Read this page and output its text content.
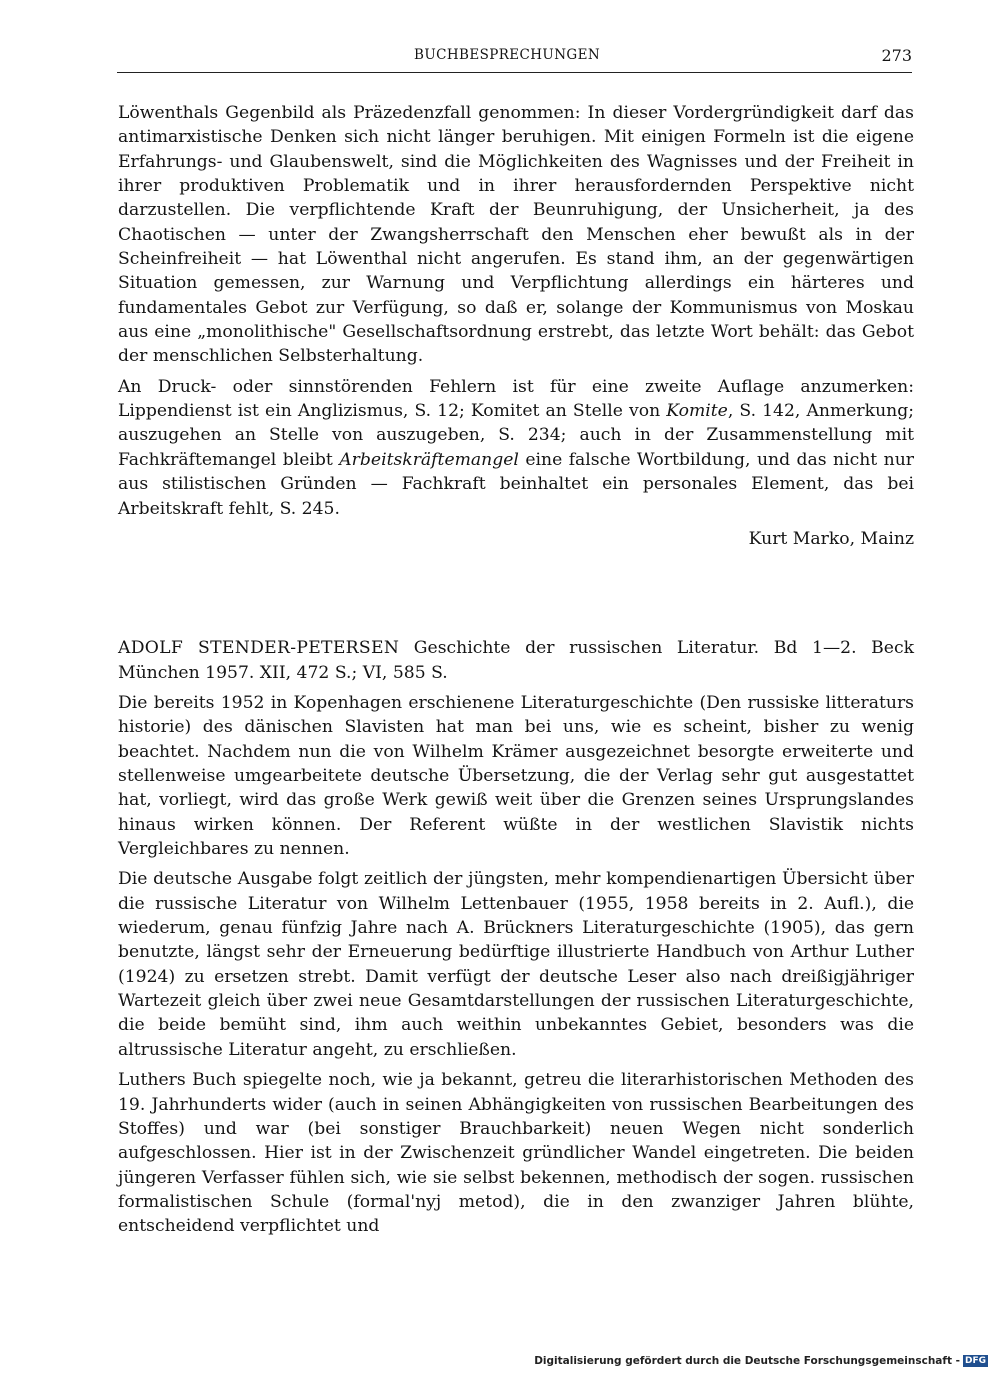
BUCHBESPRECHUNGEN	273

Löwenthals Gegenbild als Präzedenzfall genommen: In dieser Vordergründigkeit darf das antimarxistische Denken sich nicht länger beruhigen. Mit einigen Formeln ist die eigene Erfahrungs- und Glaubenswelt, sind die Möglichkeiten des Wagnisses und der Freiheit in ihrer produktiven Problematik und in ihrer herausfordernden Perspektive nicht darzustellen. Die verpflichtende Kraft der Beunruhigung, der Unsicherheit, ja des Chaotischen — unter der Zwangsherrschaft den Menschen eher bewußt als in der Scheinfreiheit — hat Löwenthal nicht angerufen. Es stand ihm, an der gegenwärtigen Situation gemessen, zur Warnung und Verpflichtung allerdings ein härteres und fundamentales Gebot zur Verfügung, so daß er, solange der Kommunismus von Moskau aus eine „monolithische" Gesellschaftsordnung erstrebt, das letzte Wort behält: das Gebot der menschlichen Selbsterhaltung.

An Druck- oder sinnstörenden Fehlern ist für eine zweite Auflage anzumerken: Lippendienst ist ein Anglizismus, S. 12; Komitet an Stelle von Komite, S. 142, Anmerkung; auszugehen an Stelle von auszugeben, S. 234; auch in der Zusammenstellung mit Fachkräftemangel bleibt Arbeitskräftemangel eine falsche Wortbildung, und das nicht nur aus stilistischen Gründen — Fachkraft beinhaltet ein personales Element, das bei Arbeitskraft fehlt, S. 245.

Kurt Marko, Mainz

ADOLF STENDER-PETERSEN Geschichte der russischen Literatur. Bd 1—2. Beck München 1957. XII, 472 S.; VI, 585 S.

Die bereits 1952 in Kopenhagen erschienene Literaturgeschichte (Den russiske litteraturs historie) des dänischen Slavisten hat man bei uns, wie es scheint, bisher zu wenig beachtet. Nachdem nun die von Wilhelm Krämer ausgezeichnet besorgte erweiterte und stellenweise umgearbeitete deutsche Übersetzung, die der Verlag sehr gut ausgestattet hat, vorliegt, wird das große Werk gewiß weit über die Grenzen seines Ursprungslandes hinaus wirken können. Der Referent wüßte in der westlichen Slavistik nichts Vergleichbares zu nennen.

Die deutsche Ausgabe folgt zeitlich der jüngsten, mehr kompendienartigen Übersicht über die russische Literatur von Wilhelm Lettenbauer (1955, 1958 bereits in 2. Aufl.), die wiederum, genau fünfzig Jahre nach A. Brückners Literaturgeschichte (1905), das gern benutzte, längst sehr der Erneuerung bedürftige illustrierte Handbuch von Arthur Luther (1924) zu ersetzen strebt. Damit verfügt der deutsche Leser also nach dreißigjähriger Wartezeit gleich über zwei neue Gesamtdarstellungen der russischen Literaturgeschichte, die beide bemüht sind, ihm auch weithin unbekanntes Gebiet, besonders was die altrussische Literatur angeht, zu erschließen.

Luthers Buch spiegelte noch, wie ja bekannt, getreu die literarhistorischen Methoden des 19. Jahrhunderts wider (auch in seinen Abhängigkeiten von russischen Bearbeitungen des Stoffes) und war (bei sonstiger Brauchbarkeit) neuen Wegen nicht sonderlich aufgeschlossen. Hier ist in der Zwischenzeit gründlicher Wandel eingetreten. Die beiden jüngeren Verfasser fühlen sich, wie sie selbst bekennen, methodisch der sogen. russischen formalistischen Schule (formal'nyj metod), die in den zwanziger Jahren blühte, entscheidend verpflichtet und

Digitalisierung gefördert durch die Deutsche Forschungsgemeinschaft - DFG
